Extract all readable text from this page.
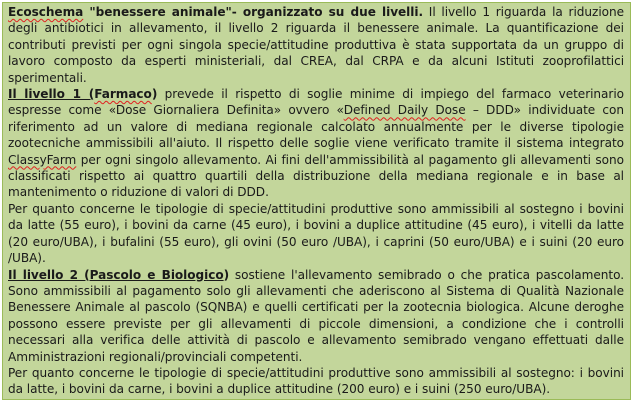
Ecoschema "benessere animale"- organizzato su due livelli. Il livello 1 riguarda la riduzione degli antibiotici in allevamento, il livello 2 riguarda il benessere animale. La quantificazione dei contributi previsti per ogni singola specie/attitudine produttiva è stata supportata da un gruppo di lavoro composto da esperti ministeriali, dal CREA, dal CRPA e da alcuni Istituti zooprofilattici sperimentali.

Il livello 1 (Farmaco) prevede il rispetto di soglie minime di impiego del farmaco veterinario espresse come «Dose Giornaliera Definita» ovvero «Defined Daily Dose – DDD» individuate con riferimento ad un valore di mediana regionale calcolato annualmente per le diverse tipologie zootecniche ammissibili all'aiuto. Il rispetto delle soglie viene verificato tramite il sistema integrato ClassyFarm per ogni singolo allevamento. Ai fini dell'ammissibilità al pagamento gli allevamenti sono classificati rispetto ai quattro quartili della distribuzione della mediana regionale e in base al mantenimento o riduzione di valori di DDD.

Per quanto concerne le tipologie di specie/attitudini produttive sono ammissibili al sostegno i bovini da latte (55 euro), i bovini da carne (45 euro), i bovini a duplice attitudine (45 euro), i vitelli da latte (20 euro/UBA), i bufalini (55 euro), gli ovini (50 euro /UBA), i caprini (50 euro/UBA) e i suini (20 euro /UBA).

Il livello 2 (Pascolo e Biologico) sostiene l'allevamento semibrado o che pratica pascolamento. Sono ammissibili al pagamento solo gli allevamenti che aderiscono al Sistema di Qualità Nazionale Benessere Animale al pascolo (SQNBA) e quelli certificati per la zootecnia biologica. Alcune deroghe possono essere previste per gli allevamenti di piccole dimensioni, a condizione che i controlli necessari alla verifica delle attività di pascolo e allevamento semibrado vengano effettuati dalle Amministrazioni regionali/provinciali competenti.

Per quanto concerne le tipologie di specie/attitudini produttive sono ammissibili al sostegno: i bovini da latte, i bovini da carne, i bovini a duplice attitudine (200 euro) e i suini (250 euro/UBA).
